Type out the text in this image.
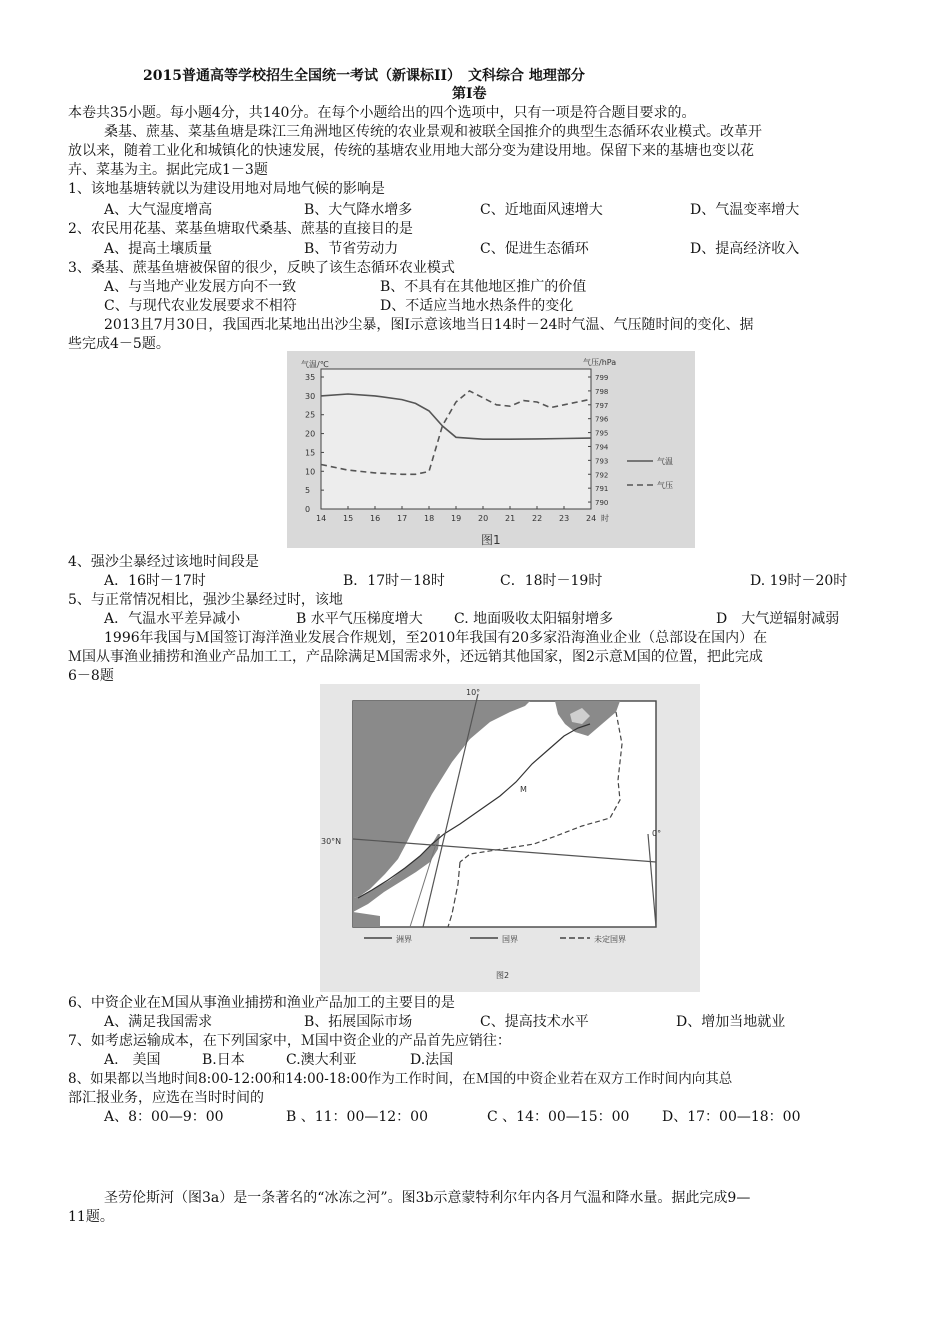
2015普通高等学校招生全国统一考试（新课标II）　文科综合 地理部分
第Ⅰ卷
本卷共35小题。每小题4分，共140分。在每个小题给出的四个选项中，只有一项是符合题目要求的。
桑基、蔗基、菜基鱼塘是珠江三角洲地区传统的农业景观和被联全国推介的典型生态循环农业模式。改革开
放以来，随着工业化和城镇化的快速发展，传统的基塘农业用地大部分变为建设用地。保留下来的基塘也变以花
卉、菜基为主。据此完成1－3题
1、该地基塘转就以为建设用地对局地气候的影响是
A、大气湿度增高	B、大气降水增多	C、近地面风速增大	D、气温变率增大
2、农民用花基、菜基鱼塘取代桑基、蔗基的直接目的是
A、提高土壤质量	B、节省劳动力	C、促进生态循环	D、提高经济收入
3、桑基、蔗基鱼塘被保留的很少，反映了该生态循环农业模式
A、与当地产业发展方向不一致	B、不具有在其他地区推广的价值
C、与现代农业发展要求不相符	D、不适应当地水热条件的变化
2013且7月30日，我国西北某地出出沙尘暴，图Ⅰ示意该地当日14时－24时气温、气压随时间的变化、据
些完成4－5题。
14 15 16 17 18 19 20 21 22 23 24 时
35
30
25
20
15
10
5
0
气温/℃
799
798
797
796
795
794
793
792
791
790
气压/hPa
气温
气压
图1
4、强沙尘暴经过该地时间段是
A．16时－17时	B．17时－18时	C．18时－19时	D. 19时－20时
5、与正常情况相比，强沙尘暴经过时，该地
A．气温水平差异减小	B 水平气压梯度增大 C. 地面吸收太阳辐射增多	D　大气逆辐射减弱
1996年我国与Ｍ国签订海洋渔业发展合作规划，至2010年我国有20多家沿海渔业企业（总部设在国内）在
Ｍ国从事渔业捕捞和渔业产品加工工，产品除满足Ｍ国需求外，还远销其他国家，图2示意Ｍ国的位置，把此完成
6－8题
10°
30°N
0°
M
洲界	国界	未定国界
图2
6、中资企业在Ｍ国从事渔业捕捞和渔业产品加工的主要目的是
A、满足我国需求	B、拓展国际市场	C、提高技术水平	D、增加当地就业
7、如考虑运输成本，在下列国家中，Ｍ国中资企业的产品首先应销往：
A.　美国	B.日本	C.澳大利亚	D.法国
8、如果都以当地时间8:00-12:00和14:00-18:00作为工作时间，在Ｍ国的中资企业若在双方工作时间内向其总
部汇报业务，应选在当时时间的
A、8：00—9：00	B 、11：00—12：00	C 、14：00—15：00 D、17：00—18：00
圣劳伦斯河（图3a）是一条著名的“冰冻之河”。图3b示意蒙特利尔年内各月气温和降水量。据此完成9—
11题。
